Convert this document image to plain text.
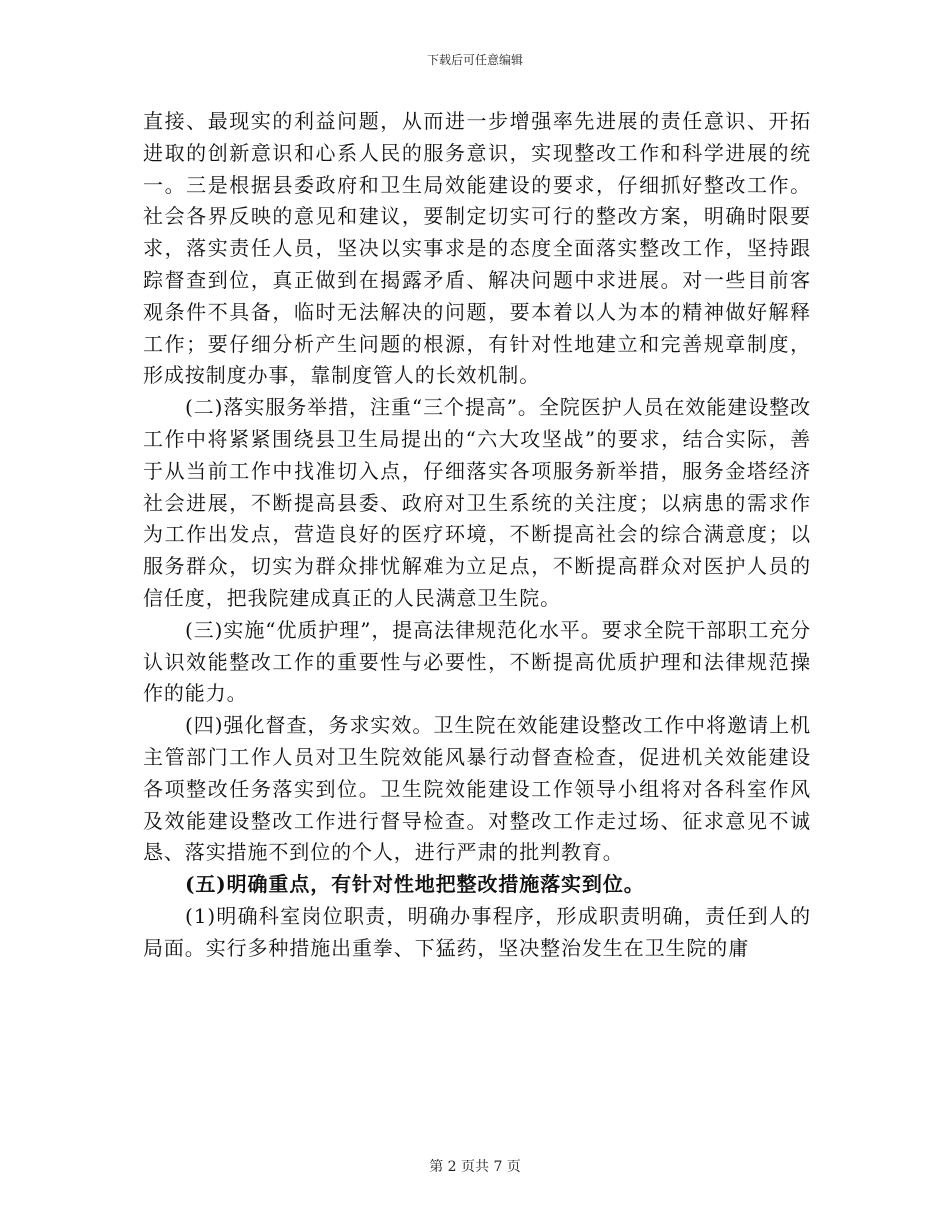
下载后可任意编辑

直接、最现实的利益问题，从而进一步增强率先进展的责任意识、开拓进取的创新意识和心系人民的服务意识，实现整改工作和科学进展的统一。三是根据县委政府和卫生局效能建设的要求，仔细抓好整改工作。社会各界反映的意见和建议，要制定切实可行的整改方案，明确时限要求，落实责任人员，坚决以实事求是的态度全面落实整改工作，坚持跟踪督查到位，真正做到在揭露矛盾、解决问题中求进展。对一些目前客观条件不具备，临时无法解决的问题，要本着以人为本的精神做好解释工作；要仔细分析产生问题的根源，有针对性地建立和完善规章制度，形成按制度办事，靠制度管人的长效机制。

(二)落实服务举措，注重“三个提高”。全院医护人员在效能建设整改工作中将紧紧围绕县卫生局提出的“六大攻坚战”的要求，结合实际，善于从当前工作中找准切入点，仔细落实各项服务新举措，服务金塔经济社会进展，不断提高县委、政府对卫生系统的关注度；以病患的需求作为工作出发点，营造良好的医疗环境，不断提高社会的综合满意度；以服务群众，切实为群众排忧解难为立足点，不断提高群众对医护人员的信任度，把我院建成真正的人民满意卫生院。

(三)实施“优质护理”，提高法律规范化水平。要求全院干部职工充分认识效能整改工作的重要性与必要性，不断提高优质护理和法律规范操作的能力。

(四)强化督查，务求实效。卫生院在效能建设整改工作中将邀请上机主管部门工作人员对卫生院效能风暴行动督查检查，促进机关效能建设各项整改任务落实到位。卫生院效能建设工作领导小组将对各科室作风及效能建设整改工作进行督导检查。对整改工作走过场、征求意见不诚恳、落实措施不到位的个人，进行严肃的批判教育。

(五)明确重点，有针对性地把整改措施落实到位。

(1)明确科室岗位职责，明确办事程序，形成职责明确，责任到人的局面。实行多种措施出重拳、下猛药，坚决整治发生在卫生院的庸

第 2 页共 7 页
